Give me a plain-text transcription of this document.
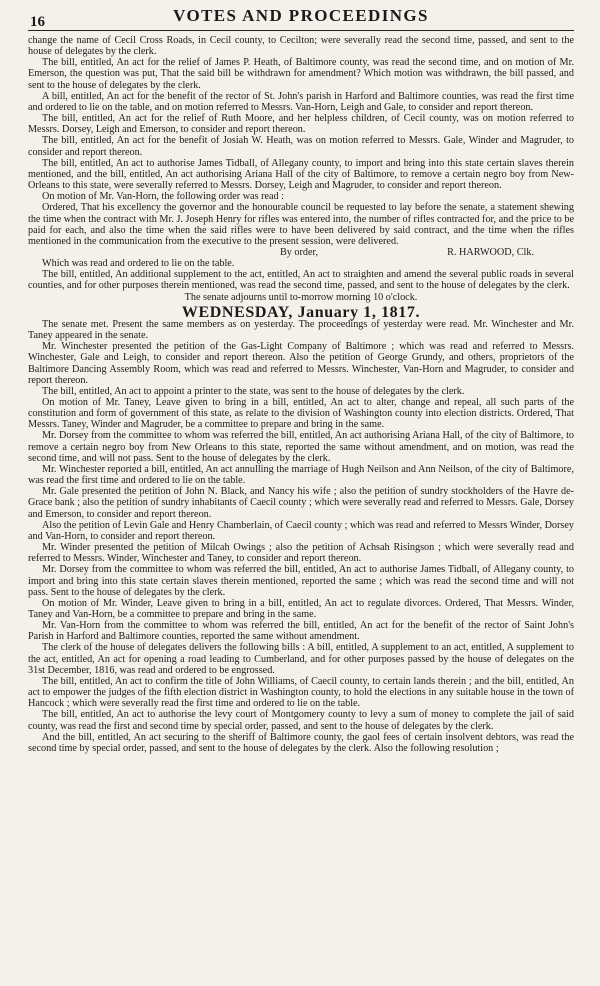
16	VOTES AND PROCEEDINGS

change the name of Cecil Cross Roads, in Cecil county, to Cecilton; were severally read the second time, passed, and sent to the house of delegates by the clerk.

The bill, entitled, An act for the relief of James P. Heath, of Baltimore county, was read the second time, and on motion of Mr. Emerson, the question was put, That the said bill be withdrawn for amendment? Which motion was withdrawn, the bill passed, and sent to the house of delegates by the clerk.

A bill, entitled, An act for the benefit of the rector of St. John's parish in Harford and Baltimore counties, was read the first time and ordered to lie on the table, and on motion referred to Messrs. Van-Horn, Leigh and Gale, to consider and report thereon.

The bill, entitled, An act for the relief of Ruth Moore, and her helpless children, of Cecil county, was on motion referred to Messrs. Dorsey, Leigh and Emerson, to consider and report thereon.

The bill, entitled, An act for the benefit of Josiah W. Heath, was on motion referred to Messrs. Gale, Winder and Magruder, to consider and report thereon.

The bill, entitled, An act to authorise James Tidball, of Allegany county, to import and bring into this state certain slaves therein mentioned, and the bill, entitled, An act authorising Ariana Hall of the city of Baltimore, to remove a certain negro boy from New-Orleans to this state, were severally referred to Messrs. Dorsey, Leigh and Magruder, to consider and report thereon.

On motion of Mr. Van-Horn, the following order was read :

Ordered, That his excellency the governor and the honourable council be requested to lay before the senate, a statement shewing the time when the contract with Mr. J. Joseph Henry for rifles was entered into, the number of rifles contracted for, and the price to be paid for each, and also the time when the said rifles were to have been delivered by said contract, and the time when the rifles mentioned in the communication from the executive to the present session, were delivered.

By order,	R. HARWOOD, Clk.

Which was read and ordered to lie on the table.

The bill, entitled, An additional supplement to the act, entitled, An act to straighten and amend the several public roads in several counties, and for other purposes therein mentioned, was read the second time, passed, and sent to the house of delegates by the clerk.

The senate adjourns until to-morrow morning 10 o'clock.

WEDNESDAY, January 1, 1817.

The senate met. Present the same members as on yesterday. The proceedings of yesterday were read. Mr. Winchester and Mr. Taney appeared in the senate.

Mr. Winchester presented the petition of the Gas-Light Company of Baltimore ; which was read and referred to Messrs. Winchester, Gale and Leigh, to consider and report thereon. Also the petition of George Grundy, and others, proprietors of the Baltimore Dancing Assembly Room, which was read and referred to Messrs. Winchester, Van-Horn and Magruder, to consider and report thereon.

The bill, entitled, An act to appoint a printer to the state, was sent to the house of delegates by the clerk.

On motion of Mr. Taney, Leave given to bring in a bill, entitled, An act to alter, change and repeal, all such parts of the constitution and form of government of this state, as relate to the division of Washington county into election districts. Ordered, That Messrs. Taney, Winder and Magruder, be a committee to prepare and bring in the same.

Mr. Dorsey from the committee to whom was referred the bill, entitled, An act authorising Ariana Hall, of the city of Baltimore, to remove a certain negro boy from New Orleans to this state, reported the same without amendment, and on motion, was read the second time, and will not pass. Sent to the house of delegates by the clerk.

Mr. Winchester reported a bill, entitled, An act annulling the marriage of Hugh Neilson and Ann Neilson, of the city of Baltimore, was read the first time and ordered to lie on the table.

Mr. Gale presented the petition of John N. Black, and Nancy his wife ; also the petition of sundry stockholders of the Havre de-Grace bank ; also the petition of sundry inhabitants of Caecil county ; which were severally read and referred to Messrs. Gale, Dorsey and Emerson, to consider and report thereon.

Also the petition of Levin Gale and Henry Chamberlain, of Caecil county ; which was read and referred to Messrs Winder, Dorsey and Van-Horn, to consider and report thereon.

Mr. Winder presented the petition of Milcah Owings ; also the petition of Achsah Risingson ; which were severally read and referred to Messrs. Winder, Winchester and Taney, to consider and report thereon.

Mr. Dorsey from the committee to whom was referred the bill, entitled, An act to authorise James Tidball, of Allegany county, to import and bring into this state certain slaves therein mentioned, reported the same ; which was read the second time and will not pass. Sent to the house of delegates by the clerk.

On motion of Mr. Winder, Leave given to bring in a bill, entitled, An act to regulate divorces. Ordered, That Messrs. Winder, Taney and Van-Horn, be a committee to prepare and bring in the same.

Mr. Van-Horn from the committee to whom was referred the bill, entitled, An act for the benefit of the rector of Saint John's Parish in Harford and Baltimore counties, reported the same without amendment.

The clerk of the house of delegates delivers the following bills : A bill, entitled, A supplement to an act, entitled, A supplement to the act, entitled, An act for opening a road leading to Cumberland, and for other purposes passed by the house of delegates on the 31st December, 1816, was read and ordered to be engrossed.

The bill, entitled, An act to confirm the title of John Williams, of Caecil county, to certain lands therein ; and the bill, entitled, An act to empower the judges of the fifth election district in Washington county, to hold the elections in any suitable house in the town of Hancock ; which were severally read the first time and ordered to lie on the table.

The bill, entitled, An act to authorise the levy court of Montgomery county to levy a sum of money to complete the jail of said county, was read the first and second time by special order, passed, and sent to the house of delegates by the clerk.

And the bill, entitled, An act securing to the sheriff of Baltimore county, the gaol fees of certain insolvent debtors, was read the second time by special order, passed, and sent to the house of delegates by the clerk. Also the following resolution ;
